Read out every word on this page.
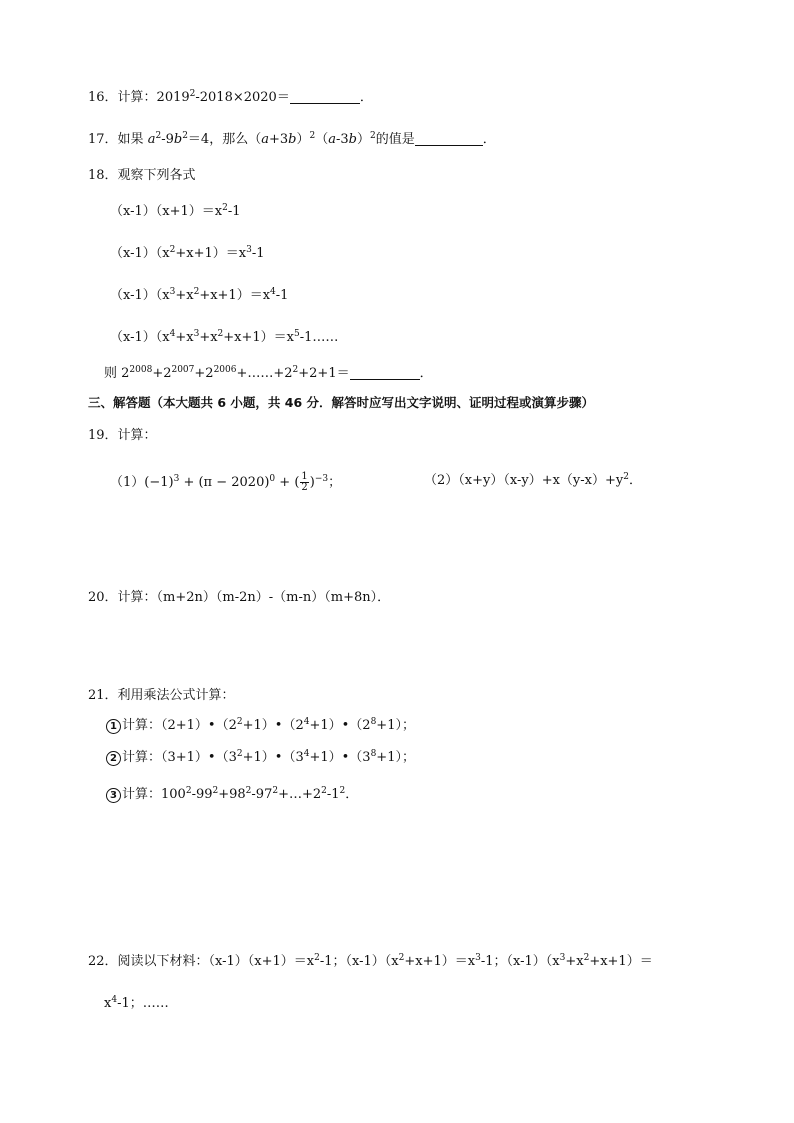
16．计算：$2019^2-2018\times 2020=$	．
17．如果 $a^2-9b^2=4$，那么$(a+3b)^2(a-3b)^2$的值是	．
18．观察下列各式
$(x-1)(x+1)=x^2-1$
$(x-1)(x^2+x+1)=x^3-1$
$(x-1)(x^3+x^2+x+1)=x^4-1$
$(x-1)(x^4+x^3+x^2+x+1)=x^5-1\dots\dots$
则 $2^{2008}+2^{2007}+2^{2006}+\dots\dots+2^2+2+1=$	．
三、解答题（本大题共 6 小题，共 46 分．解答时应写出文字说明、证明过程或演算步骤）
19．计算：
$(1)(-1)^3 + (\pi - 2020)^0$ + ( $\frac{1}{2} )^{-3}$；	$(2)(x+y)(x-y)+x(y-x)+y^2$．
20．计算：（m+2n）（m-2n）-（m-n）（m+8n）．
21．利用乘法公式计算：
1 计算：$(2+1)•(2^2+1)•(2^4+1)•(2^8+1)$；
2 计算：$(3+1)•(3^2+1)•(3^4+1)•(3^8+1)$；
3 计算：$100^2-99^2+98^2-97^2+\dots+2^2-1^2$．
22．阅读以下材料：$(x-1)(x+1)=x^2-1$；$(x-1)(x^2+x+1)=x^3-1$；$(x-1)(x^3+x^2+x+1)=$
$x^4-1$；……
